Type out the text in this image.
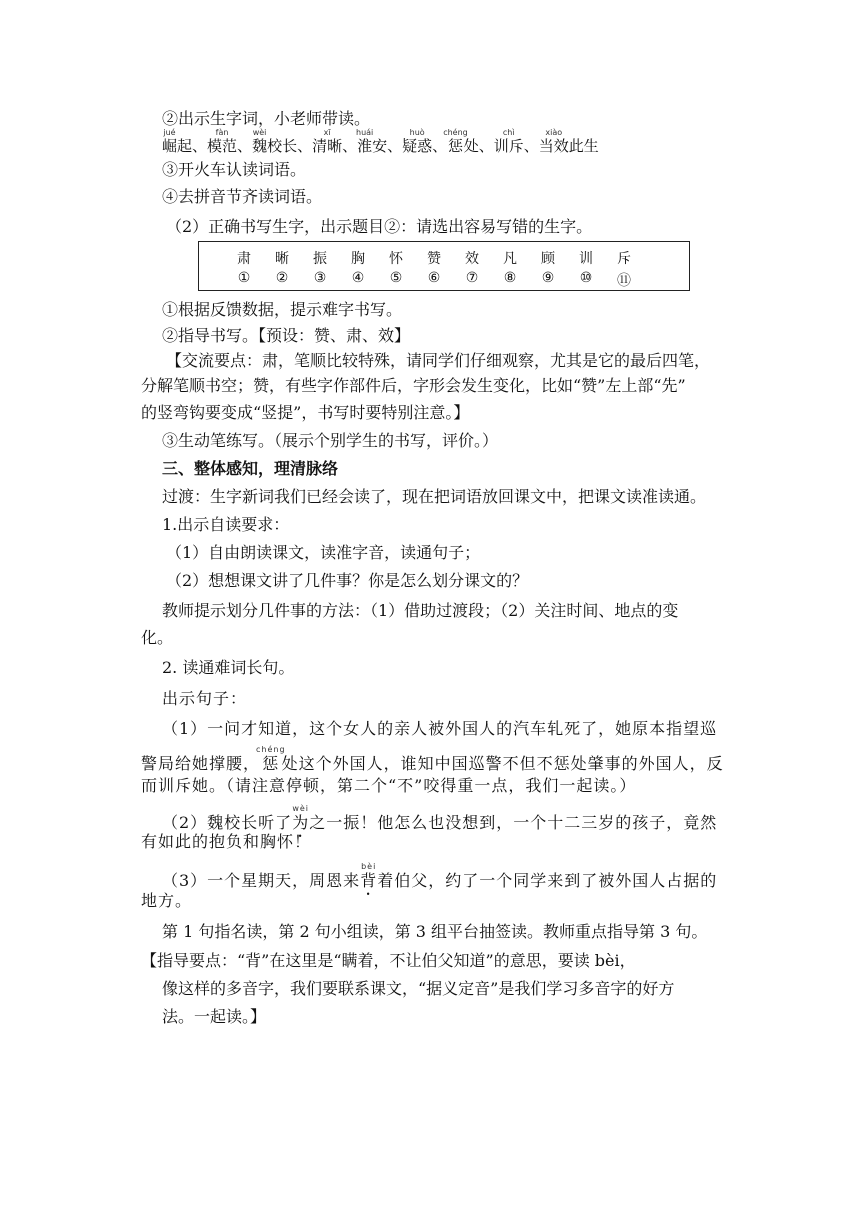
②出示生字词，小老师带读。
崛jué起、模范fàn、魏wèi校长、清晰xī、淮huái安、疑惑huò、惩chéng处、训斥chì、当效xiào此生
③开火车认读词语。
④去拼音节齐读词语。
（2）正确书写生字，出示题目②：请选出容易写错的生字。
肃	晰	振	胸	怀	赞	效	凡	顾	训	斥
①	②	③	④	⑤	⑥	⑦	⑧	⑨	⑩	⑪
①根据反馈数据，提示难字书写。
②指导书写。【预设：赞、肃、效】
【交流要点：肃，笔顺比较特殊，请同学们仔细观察，尤其是它的最后四笔，
分解笔顺书空；赞，有些字作部件后，字形会发生变化，比如“赞”左上部“先”
的竖弯钩要变成“竖提”，书写时要特别注意。】
③生动笔练写。（展示个别学生的书写，评价。）
三、整体感知，理清脉络
过渡：生字新词我们已经会读了，现在把词语放回课文中，把课文读准读通。
1.出示自读要求：
（1）自由朗读课文，读准字音，读通句子；
（2）想想课文讲了几件事？你是怎么划分课文的？
教师提示划分几件事的方法：（1）借助过渡段；（2）关注时间、地点的变
化。
2. 读通难词长句。
出示句子：
（1）一问才知道，这个女人的亲人被外国人的汽车轧死了，她原本指望巡
警局给她撑腰，惩chéng处这个外国人，谁知中国巡警不但不惩处肇事的外国人，反
而训斥她。（请注意停顿，第二个“不”咬得重一点，我们一起读。）
（2）魏校长听了为wèi之一振！他怎么也没想到，一个十二三岁的孩子，竟然
有如此的抱负和胸怀！
（3）一个星期天，周恩来背bèi着伯父，约了一个同学来到了被外国人占据的
地方。
第 1 句指名读，第 2 句小组读，第 3 组平台抽签读。教师重点指导第 3 句。
【指导要点：“背”在这里是“瞒着，不让伯父知道”的意思，要读 bèi，
像这样的多音字，我们要联系课文，“据义定音”是我们学习多音字的好方
法。一起读。】
